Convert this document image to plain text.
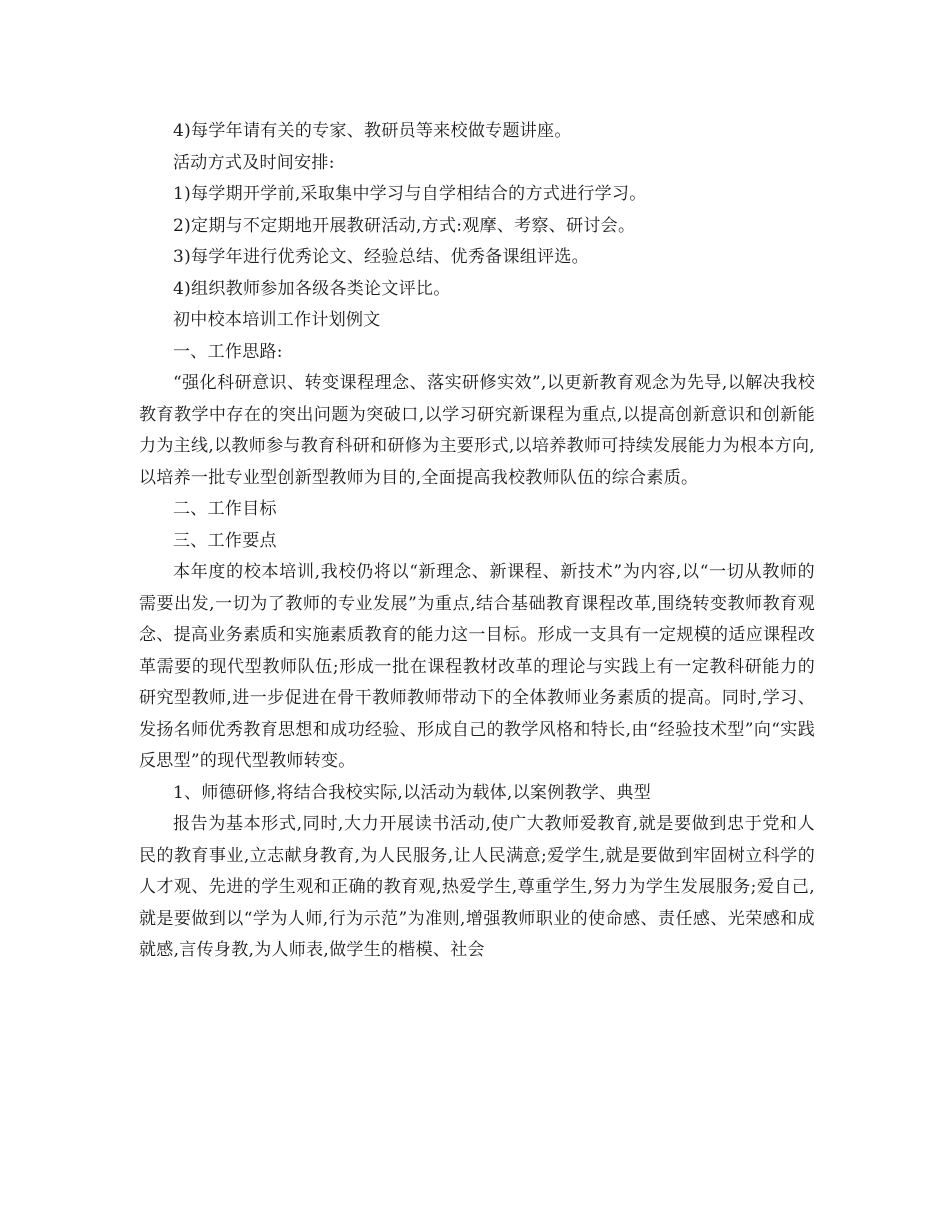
4)每学年请有关的专家、教研员等来校做专题讲座。

活动方式及时间安排:

1)每学期开学前,采取集中学习与自学相结合的方式进行学习。

2)定期与不定期地开展教研活动,方式:观摩、考察、研讨会。

3)每学年进行优秀论文、经验总结、优秀备课组评选。

4)组织教师参加各级各类论文评比。

初中校本培训工作计划例文

一、工作思路:

“强化科研意识、转变课程理念、落实研修实效”,以更新教育观念为先导,以解决我校教育教学中存在的突出问题为突破口,以学习研究新课程为重点,以提高创新意识和创新能力为主线,以教师参与教育科研和研修为主要形式,以培养教师可持续发展能力为根本方向,以培养一批专业型创新型教师为目的,全面提高我校教师队伍的综合素质。

二、工作目标

三、工作要点

本年度的校本培训,我校仍将以“新理念、新课程、新技术”为内容,以“一切从教师的需要出发,一切为了教师的专业发展”为重点,结合基础教育课程改革,围绕转变教师教育观念、提高业务素质和实施素质教育的能力这一目标。形成一支具有一定规模的适应课程改革需要的现代型教师队伍;形成一批在课程教材改革的理论与实践上有一定教科研能力的研究型教师,进一步促进在骨干教师教师带动下的全体教师业务素质的提高。同时,学习、发扬名师优秀教育思想和成功经验、形成自己的教学风格和特长,由“经验技术型”向“实践反思型”的现代型教师转变。

1、师德研修,将结合我校实际,以活动为载体,以案例教学、典型

报告为基本形式,同时,大力开展读书活动,使广大教师爱教育,就是要做到忠于党和人民的教育事业,立志献身教育,为人民服务,让人民满意;爱学生,就是要做到牢固树立科学的人才观、先进的学生观和正确的教育观,热爱学生,尊重学生,努力为学生发展服务;爱自己,就是要做到以“学为人师,行为示范”为准则,增强教师职业的使命感、责任感、光荣感和成就感,言传身教,为人师表,做学生的楷模、社会
